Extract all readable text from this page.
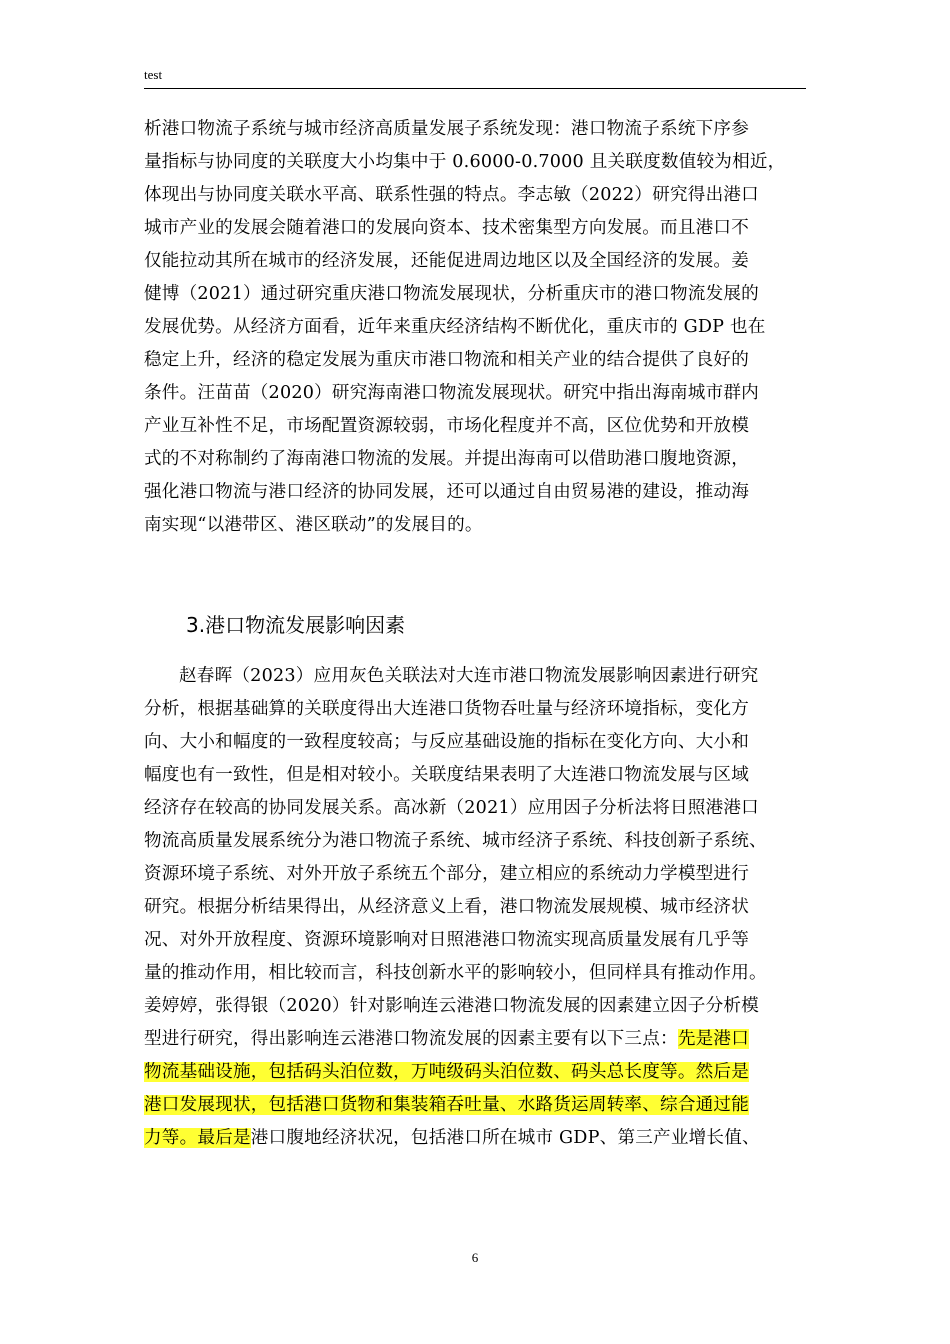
test

析港口物流子系统与城市经济高质量发展子系统发现：港口物流子系统下序参
量指标与协同度的关联度大小均集中于 0.6000-0.7000 且关联度数值较为相近，
体现出与协同度关联水平高、联系性强的特点。李志敏（2022）研究得出港口
城市产业的发展会随着港口的发展向资本、技术密集型方向发展。而且港口不
仅能拉动其所在城市的经济发展，还能促进周边地区以及全国经济的发展。姜
健博（2021）通过研究重庆港口物流发展现状，分析重庆市的港口物流发展的
发展优势。从经济方面看，近年来重庆经济结构不断优化，重庆市的 GDP 也在
稳定上升，经济的稳定发展为重庆市港口物流和相关产业的结合提供了良好的
条件。汪苗苗（2020）研究海南港口物流发展现状。研究中指出海南城市群内
产业互补性不足，市场配置资源较弱，市场化程度并不高，区位优势和开放模
式的不对称制约了海南港口物流的发展。并提出海南可以借助港口腹地资源，
强化港口物流与港口经济的协同发展，还可以通过自由贸易港的建设，推动海
南实现“以港带区、港区联动”的发展目的。

3.港口物流发展影响因素

赵春晖（2023）应用灰色关联法对大连市港口物流发展影响因素进行研究
分析，根据基础算的关联度得出大连港口货物吞吐量与经济环境指标，变化方
向、大小和幅度的一致程度较高；与反应基础设施的指标在变化方向、大小和
幅度也有一致性，但是相对较小。关联度结果表明了大连港口物流发展与区域
经济存在较高的协同发展关系。高冰新（2021）应用因子分析法将日照港港口
物流高质量发展系统分为港口物流子系统、城市经济子系统、科技创新子系统、
资源环境子系统、对外开放子系统五个部分，建立相应的系统动力学模型进行
研究。根据分析结果得出，从经济意义上看，港口物流发展规模、城市经济状
况、对外开放程度、资源环境影响对日照港港口物流实现高质量发展有几乎等
量的推动作用，相比较而言，科技创新水平的影响较小，但同样具有推动作用。
姜婷婷，张得银（2020）针对影响连云港港口物流发展的因素建立因子分析模
型进行研究，得出影响连云港港口物流发展的因素主要有以下三点：先是港口
物流基础设施，包括码头泊位数，万吨级码头泊位数、码头总长度等。然后是
港口发展现状，包括港口货物和集装箱吞吐量、水路货运周转率、综合通过能
力等。最后是港口腹地经济状况，包括港口所在城市 GDP、第三产业增长值、

6
